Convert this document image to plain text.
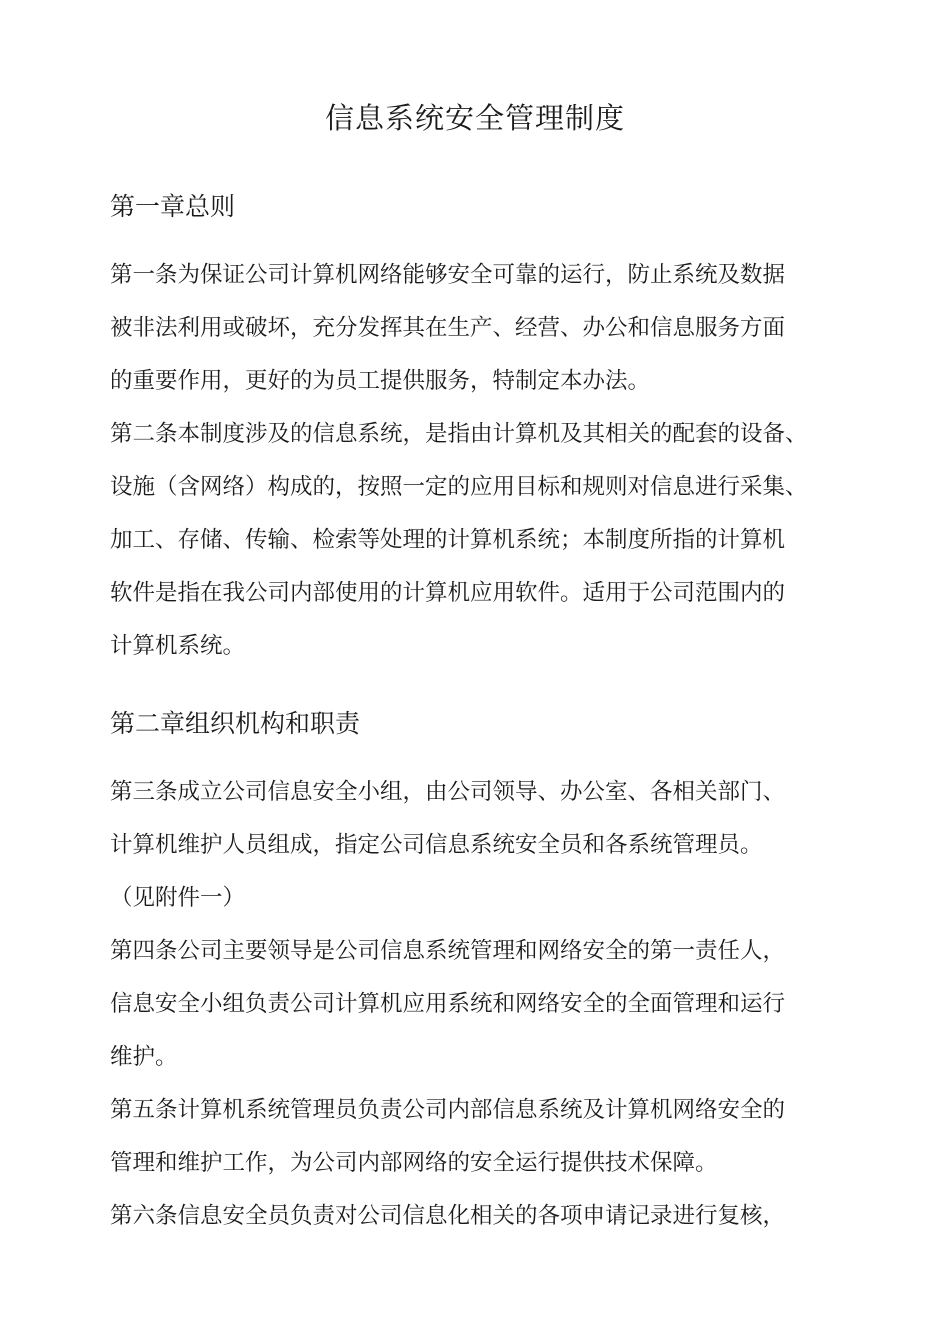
信息系统安全管理制度
第一章总则

第一条为保证公司计算机网络能够安全可靠的运行，防止系统及数据
被非法利用或破坏，充分发挥其在生产、经营、办公和信息服务方面
的重要作用，更好的为员工提供服务，特制定本办法。

第二条本制度涉及的信息系统，是指由计算机及其相关的配套的设备、
设施（含网络）构成的，按照一定的应用目标和规则对信息进行采集、
加工、存储、传输、检索等处理的计算机系统；本制度所指的计算机
软件是指在我公司内部使用的计算机应用软件。适用于公司范围内的
计算机系统。

第二章组织机构和职责

第三条成立公司信息安全小组，由公司领导、办公室、各相关部门、
计算机维护人员组成，指定公司信息系统安全员和各系统管理员。
（见附件一）

第四条公司主要领导是公司信息系统管理和网络安全的第一责任人，
信息安全小组负责公司计算机应用系统和网络安全的全面管理和运行
维护。

第五条计算机系统管理员负责公司内部信息系统及计算机网络安全的
管理和维护工作，为公司内部网络的安全运行提供技术保障。

第六条信息安全员负责对公司信息化相关的各项申请记录进行复核，
